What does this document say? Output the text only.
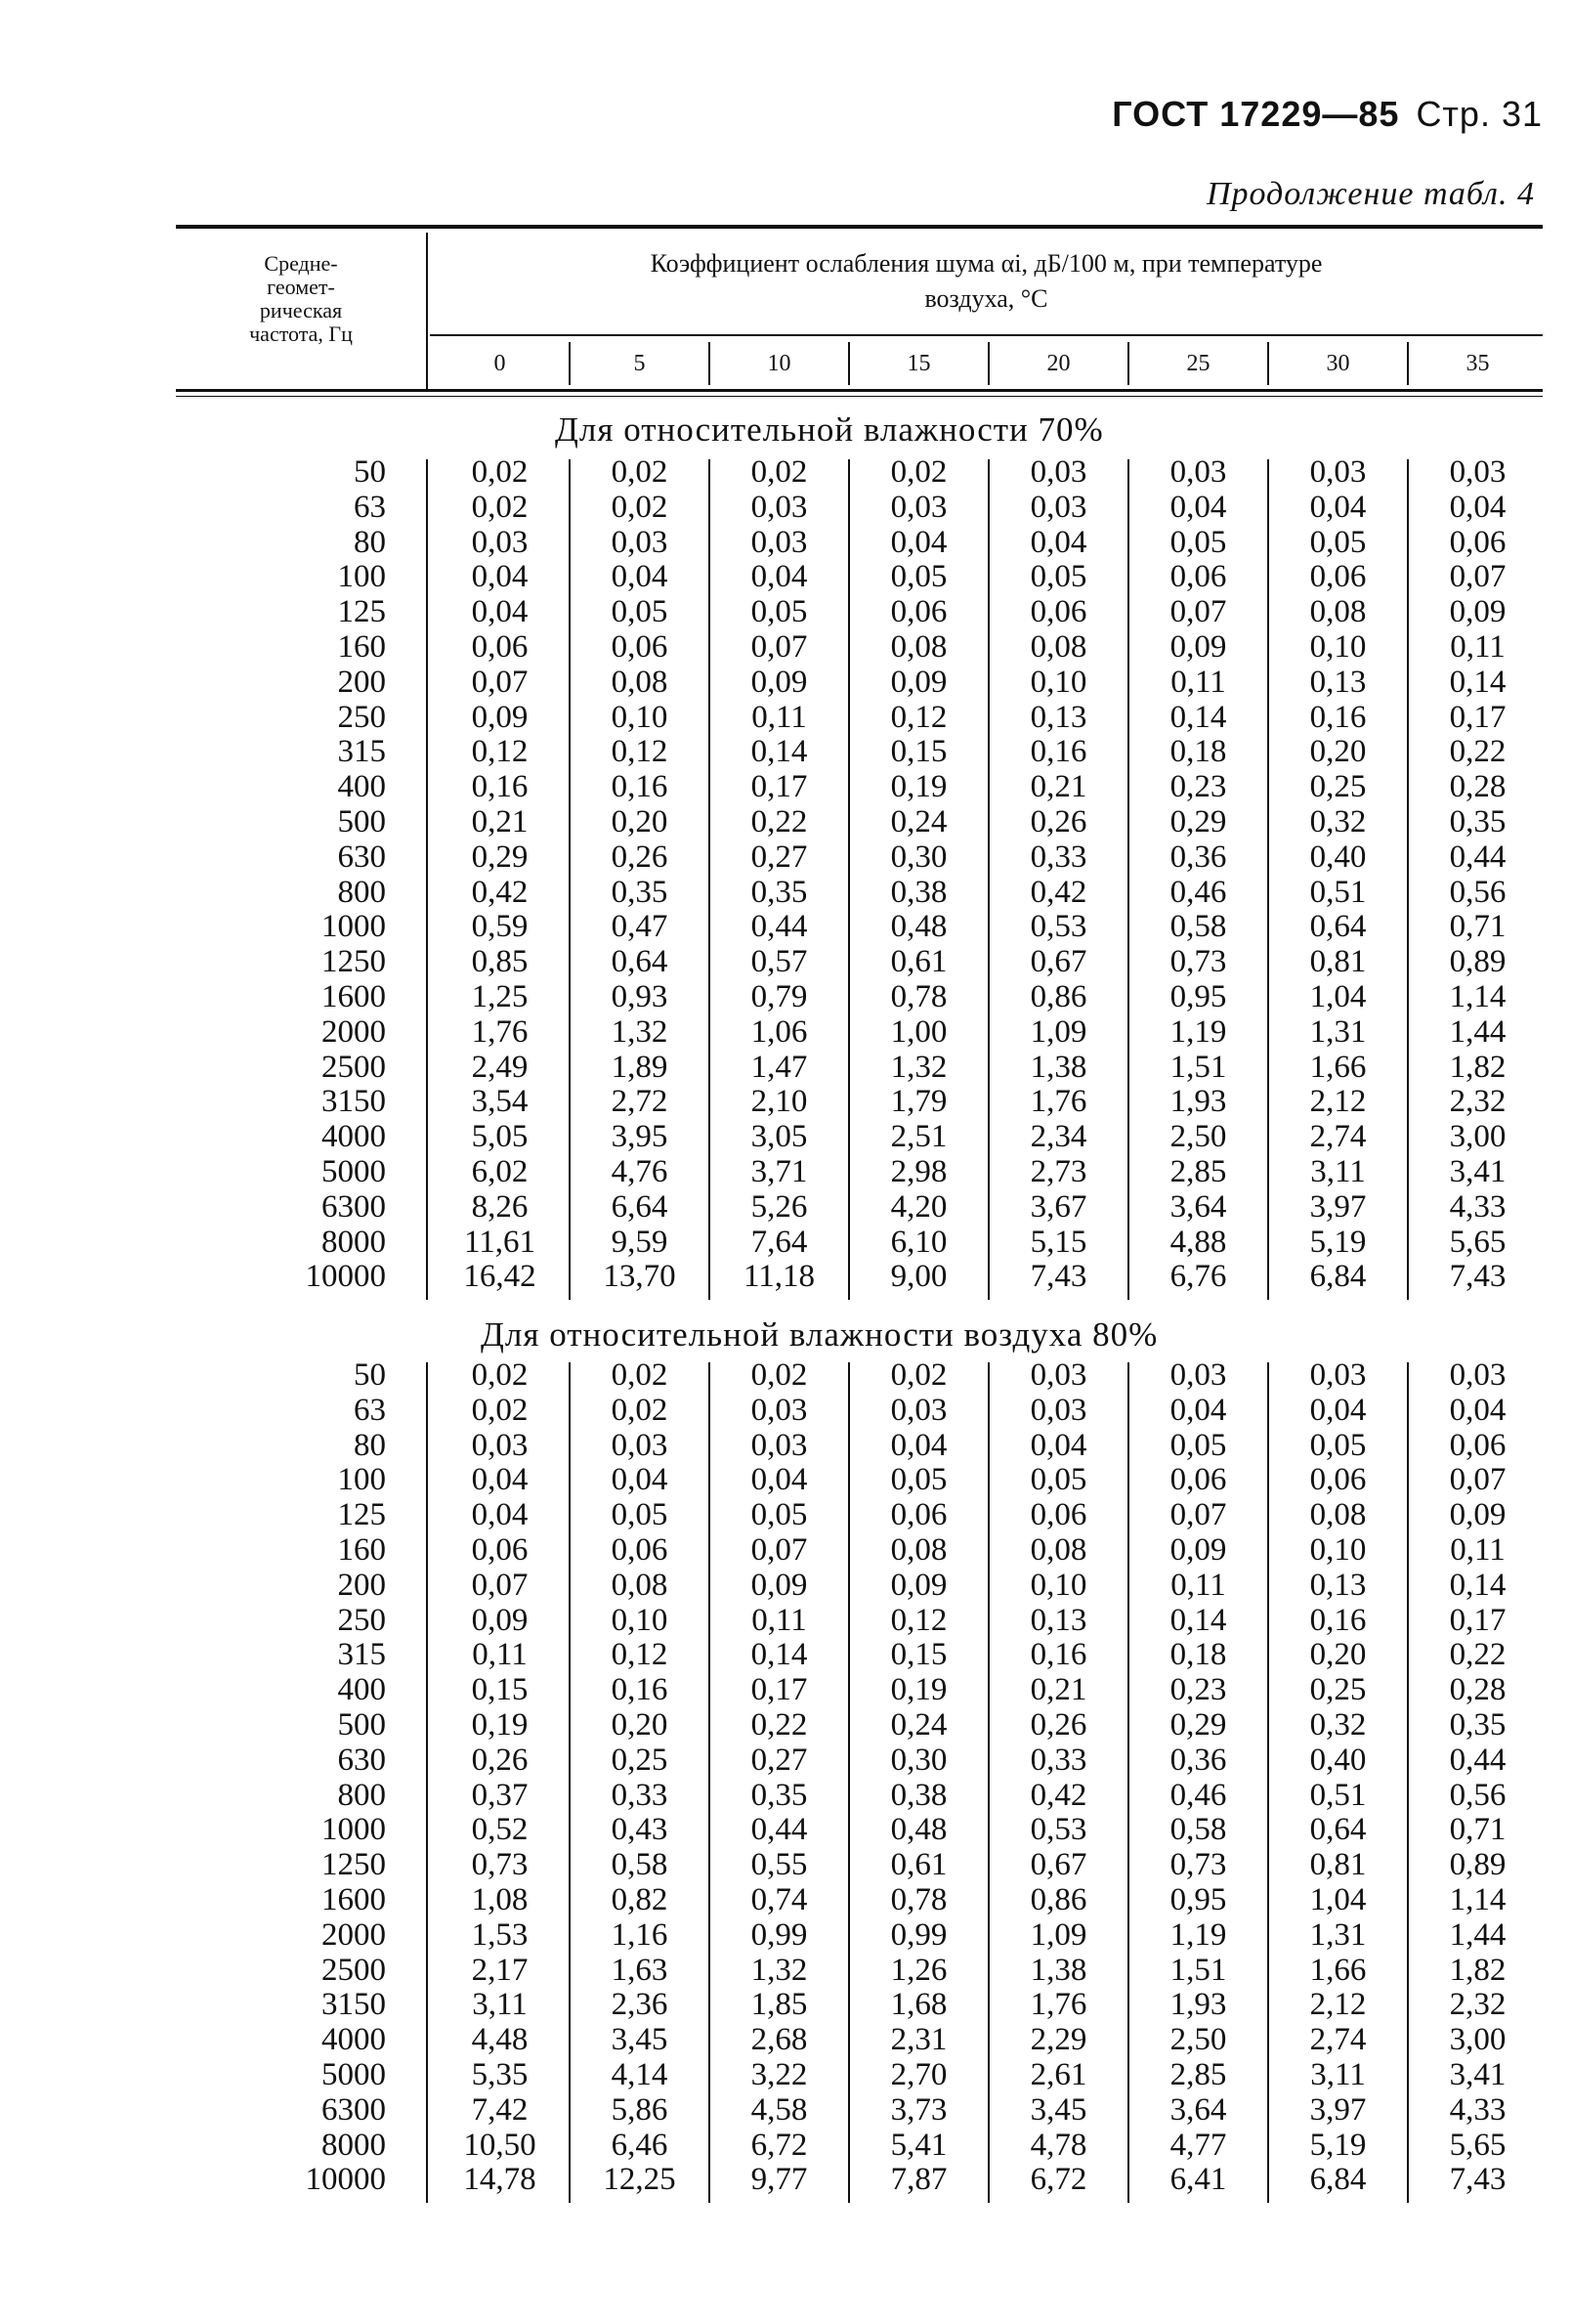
ГОСТ 17229—85 Стр. 31
Продолжение табл. 4
Средне-
геомет-
рическая
частота, Гц
Коэффициент ослабления шума αi, дБ/100 м, при температуре
воздуха, °С
0	5	10	15	20	25	30	35
Для относительной влажности 70%
50	0,02	0,02	0,02	0,02	0,03	0,03	0,03	0,03
63	0,02	0,02	0,03	0,03	0,03	0,04	0,04	0,04
80	0,03	0,03	0,03	0,04	0,04	0,05	0,05	0,06
100	0,04	0,04	0,04	0,05	0,05	0,06	0,06	0,07
125	0,04	0,05	0,05	0,06	0,06	0,07	0,08	0,09
160	0,06	0,06	0,07	0,08	0,08	0,09	0,10	0,11
200	0,07	0,08	0,09	0,09	0,10	0,11	0,13	0,14
250	0,09	0,10	0,11	0,12	0,13	0,14	0,16	0,17
315	0,12	0,12	0,14	0,15	0,16	0,18	0,20	0,22
400	0,16	0,16	0,17	0,19	0,21	0,23	0,25	0,28
500	0,21	0,20	0,22	0,24	0,26	0,29	0,32	0,35
630	0,29	0,26	0,27	0,30	0,33	0,36	0,40	0,44
800	0,42	0,35	0,35	0,38	0,42	0,46	0,51	0,56
1000	0,59	0,47	0,44	0,48	0,53	0,58	0,64	0,71
1250	0,85	0,64	0,57	0,61	0,67	0,73	0,81	0,89
1600	1,25	0,93	0,79	0,78	0,86	0,95	1,04	1,14
2000	1,76	1,32	1,06	1,00	1,09	1,19	1,31	1,44
2500	2,49	1,89	1,47	1,32	1,38	1,51	1,66	1,82
3150	3,54	2,72	2,10	1,79	1,76	1,93	2,12	2,32
4000	5,05	3,95	3,05	2,51	2,34	2,50	2,74	3,00
5000	6,02	4,76	3,71	2,98	2,73	2,85	3,11	3,41
6300	8,26	6,64	5,26	4,20	3,67	3,64	3,97	4,33
8000	11,61	9,59	7,64	6,10	5,15	4,88	5,19	5,65
10000	16,42	13,70	11,18	9,00	7,43	6,76	6,84	7,43
Для относительной влажности воздуха 80%
50	0,02	0,02	0,02	0,02	0,03	0,03	0,03	0,03
63	0,02	0,02	0,03	0,03	0,03	0,04	0,04	0,04
80	0,03	0,03	0,03	0,04	0,04	0,05	0,05	0,06
100	0,04	0,04	0,04	0,05	0,05	0,06	0,06	0,07
125	0,04	0,05	0,05	0,06	0,06	0,07	0,08	0,09
160	0,06	0,06	0,07	0,08	0,08	0,09	0,10	0,11
200	0,07	0,08	0,09	0,09	0,10	0,11	0,13	0,14
250	0,09	0,10	0,11	0,12	0,13	0,14	0,16	0,17
315	0,11	0,12	0,14	0,15	0,16	0,18	0,20	0,22
400	0,15	0,16	0,17	0,19	0,21	0,23	0,25	0,28
500	0,19	0,20	0,22	0,24	0,26	0,29	0,32	0,35
630	0,26	0,25	0,27	0,30	0,33	0,36	0,40	0,44
800	0,37	0,33	0,35	0,38	0,42	0,46	0,51	0,56
1000	0,52	0,43	0,44	0,48	0,53	0,58	0,64	0,71
1250	0,73	0,58	0,55	0,61	0,67	0,73	0,81	0,89
1600	1,08	0,82	0,74	0,78	0,86	0,95	1,04	1,14
2000	1,53	1,16	0,99	0,99	1,09	1,19	1,31	1,44
2500	2,17	1,63	1,32	1,26	1,38	1,51	1,66	1,82
3150	3,11	2,36	1,85	1,68	1,76	1,93	2,12	2,32
4000	4,48	3,45	2,68	2,31	2,29	2,50	2,74	3,00
5000	5,35	4,14	3,22	2,70	2,61	2,85	3,11	3,41
6300	7,42	5,86	4,58	3,73	3,45	3,64	3,97	4,33
8000	10,50	6,46	6,72	5,41	4,78	4,77	5,19	5,65
10000	14,78	12,25	9,77	7,87	6,72	6,41	6,84	7,43
